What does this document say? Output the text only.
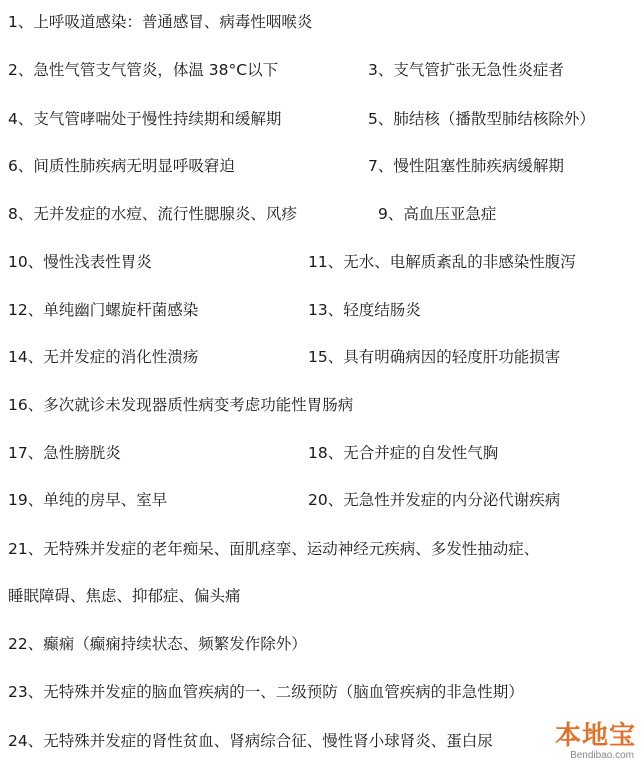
1、上呼吸道感染：普通感冒、病毒性咽喉炎
2、急性气管支气管炎，体温 38°C以下	3、支气管扩张无急性炎症者
4、支气管哮喘处于慢性持续期和缓解期	5、肺结核（播散型肺结核除外）
6、间质性肺疾病无明显呼吸窘迫	7、慢性阻塞性肺疾病缓解期
8、无并发症的水痘、流行性腮腺炎、风疹	9、高血压亚急症
10、慢性浅表性胃炎	11、无水、电解质紊乱的非感染性腹泻
12、单纯幽门螺旋杆菌感染	13、轻度结肠炎
14、无并发症的消化性溃疡	15、具有明确病因的轻度肝功能损害
16、多次就诊未发现器质性病变考虑功能性胃肠病
17、急性膀胱炎	18、无合并症的自发性气胸
19、单纯的房早、室早	20、无急性并发症的内分泌代谢疾病
21、无特殊并发症的老年痴呆、面肌痉挛、运动神经元疾病、多发性抽动症、
睡眠障碍、焦虑、抑郁症、偏头痛
22、癫痫（癫痫持续状态、频繁发作除外）
23、无特殊并发症的脑血管疾病的一、二级预防（脑血管疾病的非急性期）
24、无特殊并发症的肾性贫血、肾病综合征、慢性肾小球肾炎、蛋白尿 本地宝
Bendibao.com
